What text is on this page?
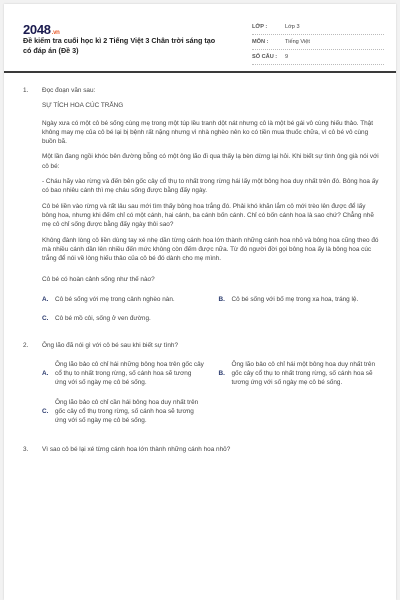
2048.vn
Đề kiểm tra cuối học kì 2 Tiếng Việt 3 Chân trời sáng tạo có đáp án (Đề 3)
LỚP :	Lớp 3
MÔN :	Tiếng Việt
SỐ CÂU :	9
1.	Đọc đoạn văn sau:

SỰ TÍCH HOA CÚC TRẮNG

Ngày xưa có một cô bé sống cùng mẹ trong một túp lều tranh dột nát nhưng cô là một bé gái vô cùng hiếu thảo. Thật không may mẹ của cô bé lại bị bệnh rất nặng nhưng vì nhà nghèo nên ko có tiền mua thuốc chữa, vì cô bé vô cùng buồn bã.

Một lần đang ngồi khóc bên đường bỗng có một ông lão đi qua thấy lạ bèn dừng lại hỏi. Khi biết sự tình ông già nói với cô bé:

- Cháu hãy vào rừng và đến bên gốc cây cổ thụ to nhất trong rừng hái lấy một bông hoa duy nhất trên đó. Bông hoa ấy có bao nhiêu cánh thì mẹ cháu sống được bằng đấy ngày.

Cô bé liền vào rừng và rất lâu sau mới tìm thấy bông hoa trắng đó. Phải khó khăn lắm cô mới trèo lên được để lấy bông hoa, nhưng khi đếm chỉ có một cánh, hai cánh, ba cánh bốn cánh. Chỉ có bốn cánh hoa là sao chứ? Chẳng nhẽ mẹ cô chỉ sống được bằng đấy ngày thôi sao?

Không đành lòng cô liền dùng tay xé nhẹ dần từng cánh hoa lớn thành những cánh hoa nhỏ và bông hoa cũng theo đó mà nhiều cánh dần lên nhiều đến mức không còn đếm được nữa. Từ đó người đời gọi bông hoa ấy là bông hoa cúc trắng để nói về lòng hiếu thảo của cô bé đó dành cho mẹ mình.

Cô bé có hoàn cảnh sống như thế nào?

A.	Cô bé sống với mẹ trong cảnh nghèo nàn.	B.	Cô bé sống với bố mẹ trong xa hoa, tráng lệ.
C.	Cô bé mồ côi, sống ở ven đường.
2.	Ông lão đã nói gì với cô bé sau khi biết sự tình?

A.
Ông lão bảo cô chỉ hái những bông hoa trên gốc cây cổ thụ to nhất trong rừng, số cánh hoa sẽ tương ứng với số ngày mẹ cô bé sống.
B.
Ông lão bảo cô chỉ hái một bông hoa duy nhất trên gốc cây cổ thụ to nhất trong rừng, số cánh hoa sẽ tương ứng với số ngày mẹ cô bé sống.
C.
Ông lão bảo cô chỉ cần hái bông hoa duy nhất trên gốc cây cổ thụ trong rừng, số cánh hoa sẽ tương ứng với số ngày mẹ cô bé sống.
3.	Vì sao cô bé lại xé từng cánh hoa lớn thành những cánh hoa nhỏ?
